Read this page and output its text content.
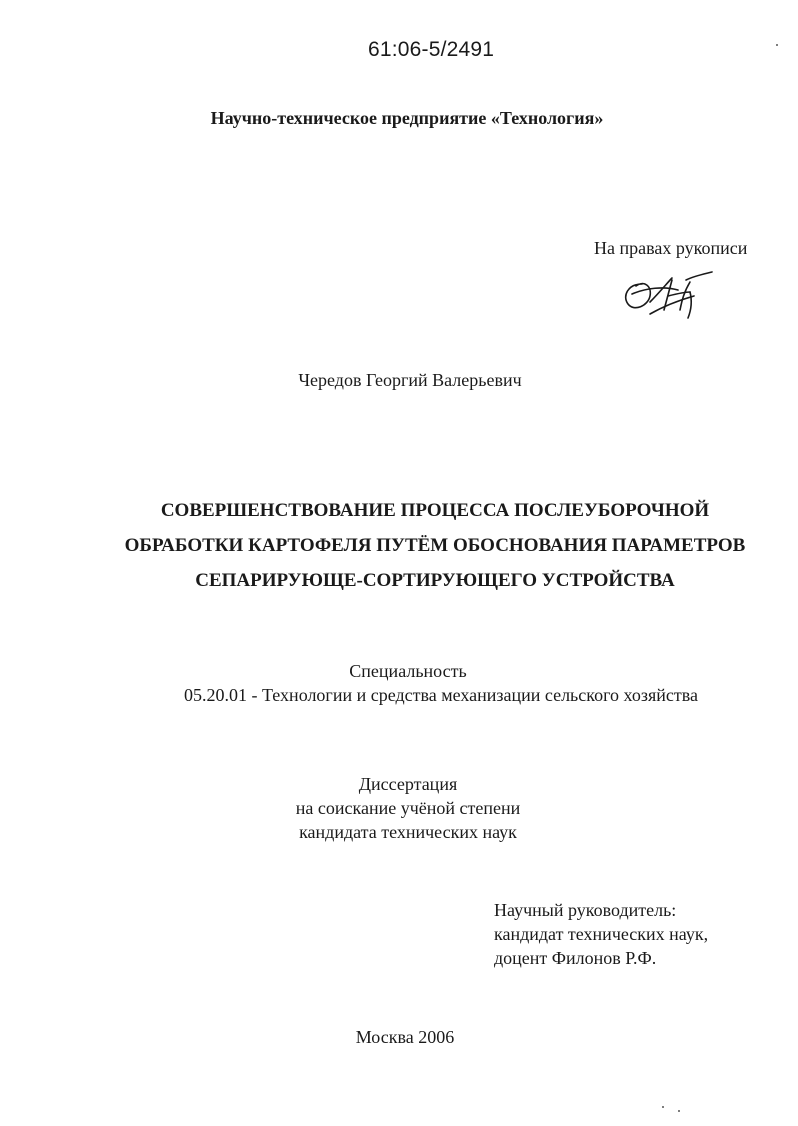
61:06-5/2491
Научно-техническое предприятие «Технология»
На правах рукописи
Чередов Георгий Валерьевич
СОВЕРШЕНСТВОВАНИЕ ПРОЦЕССА ПОСЛЕУБОРОЧНОЙ
ОБРАБОТКИ КАРТОФЕЛЯ ПУТЁМ ОБОСНОВАНИЯ ПАРАМЕТРОВ
СЕПАРИРУЮЩЕ-СОРТИРУЮЩЕГО УСТРОЙСТВА
Специальность
05.20.01 - Технологии и средства механизации сельского хозяйства
Диссертация
на соискание учёной степени
кандидата технических наук
Научный руководитель:
кандидат технических наук,
доцент Филонов Р.Ф.
Москва 2006
